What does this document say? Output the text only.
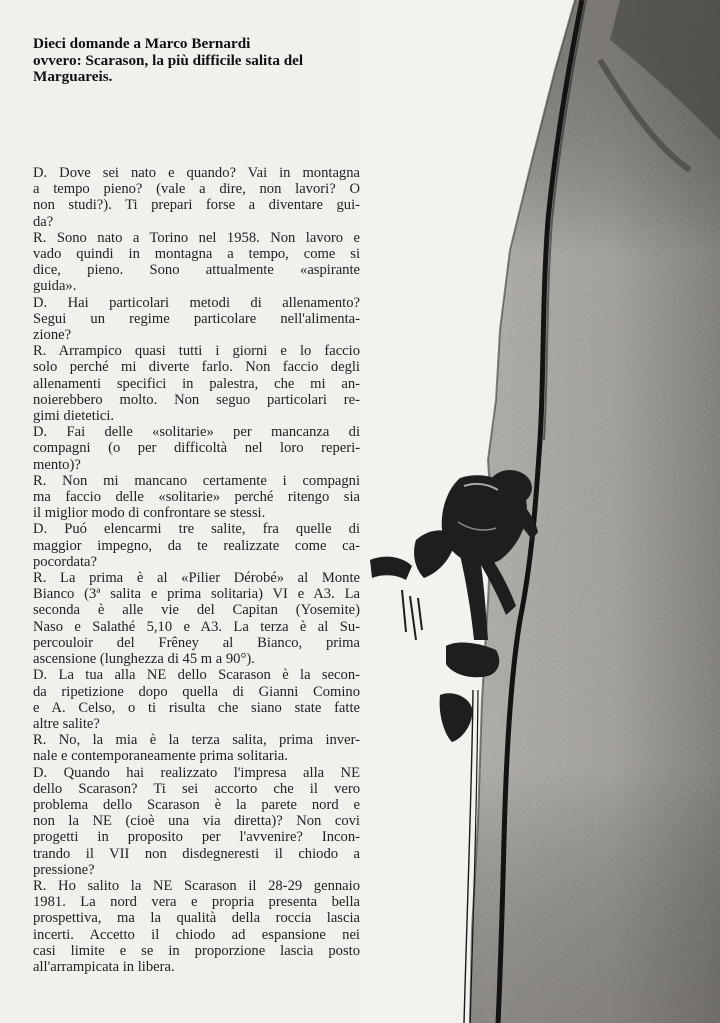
Dieci domande a Marco Bernardi
ovvero: Scarason, la più difficile salita del
Marguareis.
D. Dove sei nato e quando? Vai in montagna
a tempo pieno? (vale a dire, non lavori? O
non studi?). Ti prepari forse a diventare gui-
da?
R. Sono nato a Torino nel 1958. Non lavoro e
vado quindi in montagna a tempo, come si
dice, pieno. Sono attualmente «aspirante
guida».
D. Hai particolari metodi di allenamento?
Segui un regime particolare nell'alimenta-
zione?
R. Arrampico quasi tutti i giorni e lo faccio
solo perché mi diverte farlo. Non faccio degli
allenamenti specifici in palestra, che mi an-
noierebbero molto. Non seguo particolari re-
gimi dietetici.
D. Fai delle «solitarie» per mancanza di
compagni (o per difficoltà nel loro reperi-
mento)?
R. Non mi mancano certamente i compagni
ma faccio delle «solitarie» perché ritengo sia
il miglior modo di confrontare se stessi.
D. Puó elencarmi tre salite, fra quelle di
maggior impegno, da te realizzate come ca-
pocordata?
R. La prima è al «Pilier Dérobé» al Monte
Bianco (3ª salita e prima solitaria) VI e A3. La
seconda è alle vie del Capitan (Yosemite)
Naso e Salathé 5,10 e A3. La terza è al Su-
percouloir del Frêney al Bianco, prima
ascensione (lunghezza di 45 m a 90°).
D. La tua alla NE dello Scarason è la secon-
da ripetizione dopo quella di Gianni Comino
e A. Celso, o ti risulta che siano state fatte
altre salite?
R. No, la mia è la terza salita, prima inver-
nale e contemporaneamente prima solitaria.
D. Quando hai realizzato l'impresa alla NE
dello Scarason? Ti sei accorto che il vero
problema dello Scarason è la parete nord e
non la NE (cioè una via diretta)? Non covi
progetti in proposito per l'avvenire? Incon-
trando il VII non disdegneresti il chiodo a
pressione?
R. Ho salito la NE Scarason il 28-29 gennaio
1981. La nord vera e propria presenta bella
prospettiva, ma la qualità della roccia lascia
incerti. Accetto il chiodo ad espansione nei
casi limite e se in proporzione lascia posto
all'arrampicata in libera.
